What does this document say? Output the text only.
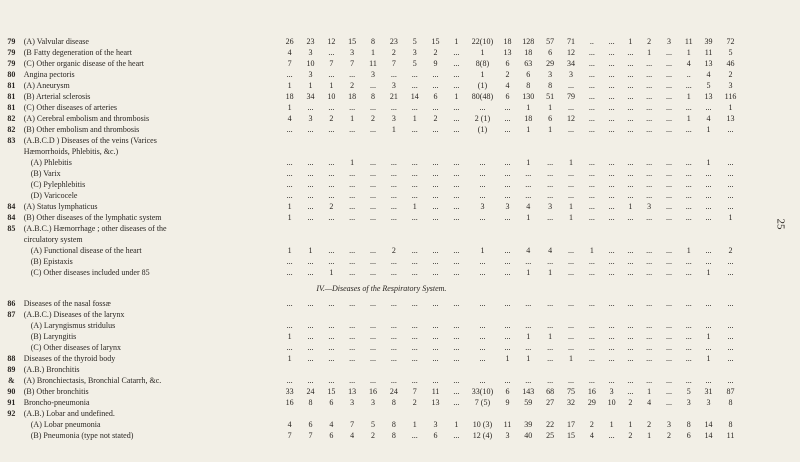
25
79	(A) Valvular disease	26	23	12	15	8	23	5	15	1	22(10)	18	128	57	71	..	...	1	2	3	11	39	72
79	(B Fatty degeneration of the heart	4	3	...	3	1	2	3	2	...	1	13	18	6	12	...	...	...	1	...	1	11	5
79	(C) Other organic disease of the heart	7	10	7	7	11	7	5	9	...	8(8)	6	63	29	34	...	...	...	...	...	4	13	46
80	Angina pectoris	...	3	...	...	3	...	...	...	...	1	2	6	3	3	...	...	...	...	...	..	4	2
81	(A) Aneurysm	1	1	1	2	...	3	...	...	...	(1)	4	8	8	...	...	...	...	...	...	...	5	3
81	(B) Arterial sclerosis	18	34	10	18	8	21	14	6	1	80(48)	6	130	51	79	...	...	...	...	...	1	13	116
81	(C) Other diseases of arteries	1	...	...	...	...	...	...	...	...	...	...	1	1	...	...	...	...	...	...	...	...	1
82	(A) Cerebral embolism and thrombosis	4	3	2	1	2	3	1	2	...	2 (1)	...	18	6	12	...	...	...	...	...	1	4	13
82	(B) Other embolism and thrombosis	...	...	...	...	...	1	...	...	...	(1)	...	1	1	...	...	...	...	...	...	...	1	...
83	(A.B.C.D ) Diseases of the veins (Varices																						
	Hæmorrhoids, Phlebitis, &c.)																						
	(A) Phlebitis	...	...	...	1	...	...	...	...	...	...	...	1	...	1	...	...	...	...	...	...	1	...
	(B) Varix	...	...	...	...	...	...	...	...	...	...	...	...	...	...	...	...	...	...	...	...	...	...
	(C) Pylephlebitis	...	...	...	...	...	...	...	...	...	...	...	...	...	...	...	...	...	...	...	...	...	...
	(D) Varicocele	...	...	...	...	...	...	...	...	...	...	...	...	...	...	...	...	...	...	...	...	...	...
84	(A) Status lymphaticus	1	...	2	...	...	...	1	...	...	3	3	4	3	1	...	...	1	3	...	...	...	...
84	(B) Other diseases of the lymphatic system	1	...	...	...	...	...	...	...	...	...	...	1	...	1	...	...	...	...	...	...	...	1
85	(A.B.C.) Hæmorrhage ; other diseases of the																						
	circulatory system																						
	(A) Functional disease of the heart	1	1	...	...	...	2	...	...	...	1	...	4	4	...	1	...	...	...	...	1	...	2
	(B) Epistaxis	...	...	...	...	...	...	...	...	...	...	...	...	...	...	...	...	...	...	...	...	...	...
	(C) Other diseases included under 85	...	...	1	...	...	...	...	...	...	...	...	1	1	...	...	...	...	...	...	...	1	...
	IV.—Diseases of the Respiratory System.																						
86	Diseases of the nasal fossæ	...	...	...	...	...	...	...	...	...	...	...	...	...	...	...	...	...	...	...	...	...	...
87	(A.B.C.) Diseases of the larynx																						
	(A) Laryngismus stridulus	...	...	...	...	...	...	...	...	...	...	...	...	...	...	...	...	...	...	...	...	...	...
	(B) Laryngitis	1	...	...	...	...	...	...	...	...	...	...	1	1	...	...	...	...	...	...	...	1	...
	(C) Other diseases of larynx	...	...	...	...	...	...	...	...	...	...	...	...	...	...	...	...	...	...	...	...	...	...
88	Diseases of the thyroid body	1	...	...	...	...	...	...	...	...	...	1	1	...	1	...	...	...	...	...	...	1	...
89	(A.B.) Bronchitis																						
&	(A) Bronchiectasis, Bronchial Catarrh, &c.	...	...	...	...	...	...	...	...	...	...	...	...	...	...	...	...	...	...	...	...	...	...
90	(B) Other bronchitis	33	24	15	13	16	24	7	11	...	33(10)	6	143	68	75	16	3	...	1	...	5	31	87
91	Broncho-pneumonia	16	8	6	3	3	8	2	13	...	7 (5)	9	59	27	32	29	10	2	4	...	3	3	8
92	(A.B.) Lobar and undefined.																						
	(A) Lobar pneumonia	4	6	4	7	5	8	1	3	1	10 (3)	11	39	22	17	2	1	1	2	3	8	14	8
	(B) Pneumonia (type not stated)	7	7	6	4	2	8	...	6	...	12 (4)	3	40	25	15	4	...	2	1	2	6	14	11
